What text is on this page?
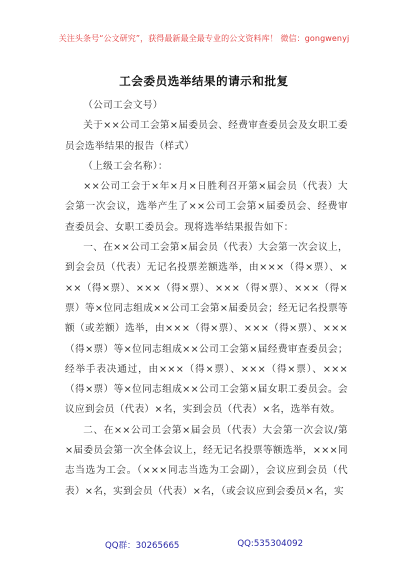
关注头条号“公文研究”，获得最新最全最专业的公文资料库！ 微信：gongwenyj
工会委员选举结果的请示和批复

（公司工会文号）

关于××公司工会第×届委员会、经费审查委员会及女职工委员会选举结果的报告（样式）

（上级工会名称）：

××公司工会于×年×月×日胜利召开第×届会员（代表）大会第一次会议，选举产生了××公司工会第×届委员会、经费审查委员会、女职工委员会。现将选举结果报告如下：

一、在××公司工会第×届会员（代表）大会第一次会议上，到会会员（代表）无记名投票差额选举，由×××（得×票）、×××（得×票）、×××（得×票）、×××（得×票）、×××（得×票）等×位同志组成××公司工会第×届委员会；经无记名投票等额（或差额）选举，由×××（得×票）、×××（得×票）、×××（得×票）等×位同志组成××公司工会第×届经费审查委员会；经举手表决通过，由×××（得×票）、×××（得×票）、×××（得×票）等×位同志组成××公司工会第×届女职工委员会。会议应到会员（代表）×名，实到会员（代表）×名，选举有效。

二、在××公司工会第×届会员（代表）大会第一次会议/第×届委员会第一次全体会议上，经无记名投票等额选举，×××同志当选为工会。（×××同志当选为工会副），会议应到会员（代表）×名，实到会员（代表）×名，（或会议应到会委员×名，实

QQ群：30265665	QQ:535304092
